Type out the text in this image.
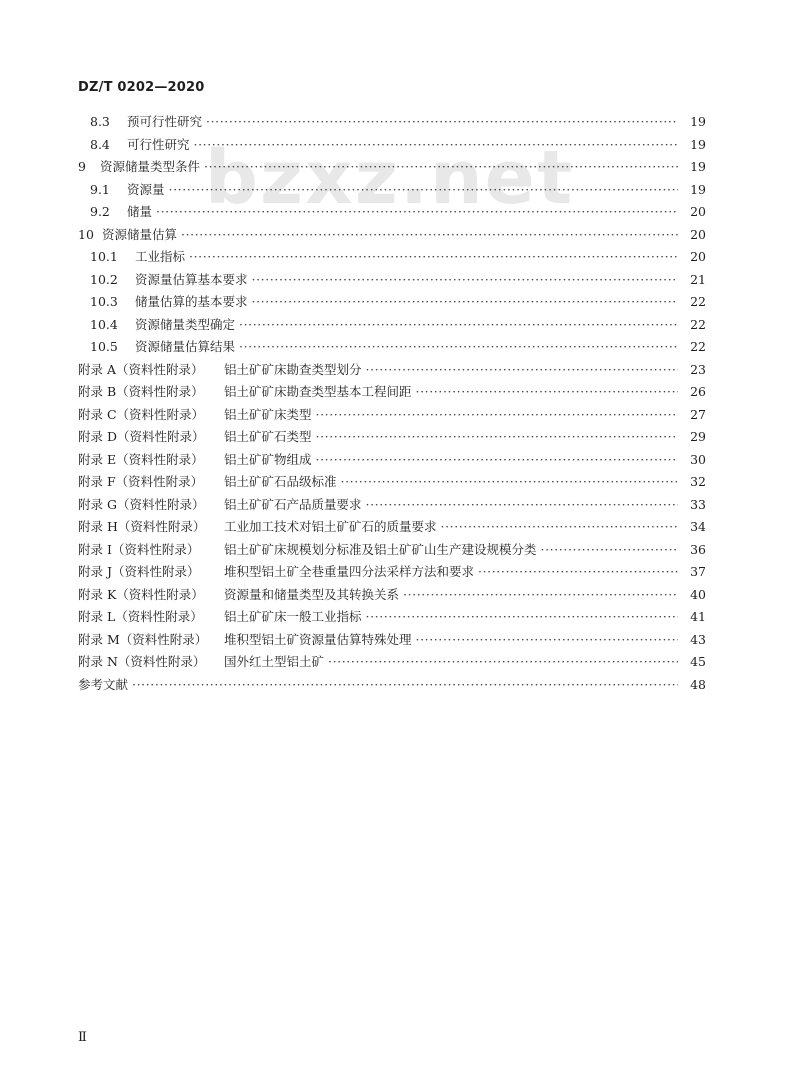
DZ/T 0202—2020
bzxz.net
8.3	预可行性研究 ·····	19
8.4	可行性研究 ·····	19
9	资源储量类型条件 ·····	19
9.1	资源量 ·····	19
9.2	储量 ·····	20
10 资源储量估算 ·····	20
10.1	工业指标 ·····	20
10.2	资源量估算基本要求 ·····	21
10.3	储量估算的基本要求 ·····	22
10.4	资源储量类型确定 ·····	22
10.5	资源储量估算结果 ·····	22
附录 A（资料性附录）	铝土矿矿床勘查类型划分 ·····	23
附录 B（资料性附录）	铝土矿矿床勘查类型基本工程间距 ·····	26
附录 C（资料性附录）	铝土矿矿床类型 ·····	27
附录 D（资料性附录）	铝土矿矿石类型 ·····	29
附录 E（资料性附录）	铝土矿矿物组成 ·····	30
附录 F（资料性附录）	铝土矿矿石品级标准 ·····	32
附录 G（资料性附录）	铝土矿矿石产品质量要求 ·····	33
附录 H（资料性附录）	工业加工技术对铝土矿矿石的质量要求 ·····	34
附录 I（资料性附录）	铝土矿矿床规模划分标准及铝土矿矿山生产建设规模分类 ·····	36
附录 J（资料性附录）	堆积型铝土矿全巷重量四分法采样方法和要求 ·····	37
附录 K（资料性附录）	资源量和储量类型及其转换关系 ·····	40
附录 L（资料性附录）	铝土矿矿床一般工业指标 ·····	41
附录 M（资料性附录）	堆积型铝土矿资源量估算特殊处理 ·····	43
附录 N（资料性附录）	国外红土型铝土矿 ·····	45
参考文献 ·····	48
Ⅱ
